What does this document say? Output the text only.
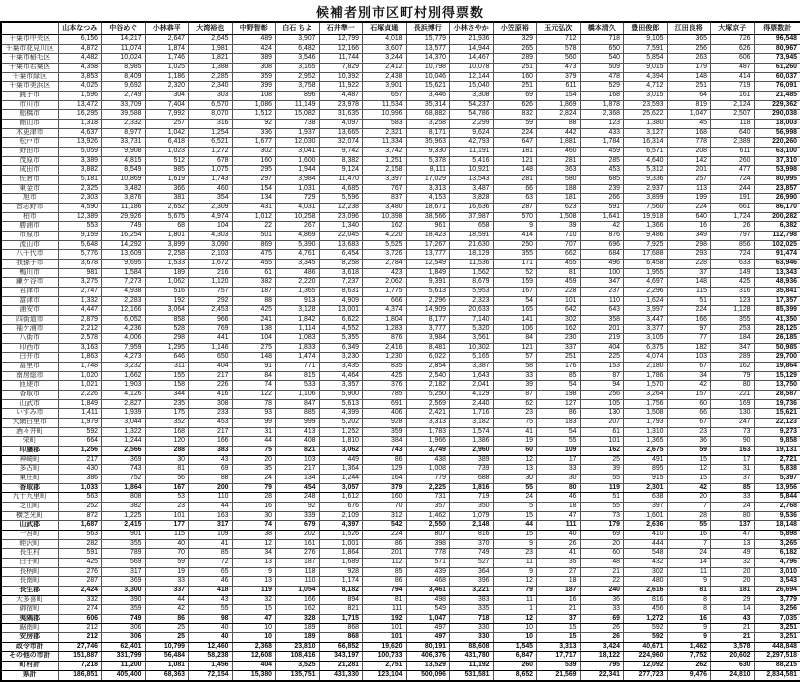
候補者別市区町村別得票数
	山本なつみ	中谷めぐ	小林恭平	大湾裕也	中野智彰	白石 ちよ	石井準一	石塚貞通	長浜博行	小林さやか	小笠原裕	玉元弘次	橋本清久	豊田俊郎	江田良将	大塚京子	得票数計
千葉市中央区	6,156	14,217	2,647	2,645	489	3,907	12,799	4,018	15,779	21,936	329	712	718	9,105	365	726	96,548
千葉市花見川区	4,872	11,074	1,874	1,981	424	6,482	12,166	3,607	13,577	14,944	265	578	650	7,591	256	626	80,967
千葉市稲毛区	4,482	10,024	1,746	1,821	389	3,546	11,744	3,244	14,370	14,467	289	560	540	5,854	263	606	73,945
千葉市若葉区	4,358	8,985	1,025	1,388	308	3,165	7,829	2,412	10,798	10,078	251	473	509	9,015	179	487	61,260
千葉市緑区	3,853	8,409	1,186	2,285	359	2,952	10,392	2,438	10,046	12,144	160	379	478	4,394	148	414	60,037
千葉市美浜区	4,025	9,692	2,320	2,340	399	3,758	11,922	3,901	15,621	15,040	251	611	529	4,712	251	719	76,091
銚子市	1,596	2,749	304	303	108	896	4,487	657	3,446	3,308	69	154	168	3,015	64	161	21,485
市川市	13,472	33,709	7,404	6,570	1,086	11,149	23,978	11,534	35,314	54,237	626	1,869	1,878	23,593	819	2,124	229,362
船橋市	16,295	39,588	7,992	8,070	1,512	15,082	31,635	10,996	68,882	54,786	832	2,824	2,368	25,622	1,047	2,507	290,038
館山市	1,318	2,332	257	316	92	738	4,097	583	3,258	2,299	59	88	123	1,380	45	118	18,003
木更津市	4,637	8,977	1,042	1,254	336	1,937	13,665	2,321	8,171	9,624	224	442	433	3,127	168	640	56,998
松戸市	13,926	33,731	6,418	6,521	1,677	12,030	32,074	11,334	35,963	42,793	647	1,881	1,784	16,314	778	2,389	220,260
野田市	5,059	9,908	1,023	1,272	302	3,041	9,742	3,742	9,330	11,191	181	460	459	6,571	208	611	63,100
茂原市	3,389	4,815	512	678	160	1,600	8,382	1,251	5,378	5,416	121	281	285	4,640	142	260	37,310
成田市	3,882	8,549	985	1,075	295	1,944	9,124	2,158	8,111	10,921	148	363	453	5,312	201	477	53,998
佐倉市	5,181	10,869	1,619	1,743	297	3,984	11,470	3,397	17,029	13,543	281	580	685	9,336	257	724	80,995
東金市	2,325	3,482	366	460	154	1,031	4,685	767	3,313	3,487	66	188	239	2,937	113	244	23,857
旭市	2,303	3,876	381	354	134	729	5,596	837	4,153	3,828	63	181	266	3,899	199	191	26,990
習志野市	4,590	11,186	2,652	2,309	431	4,031	12,238	3,480	18,671	16,636	287	623	591	7,560	224	661	86,170
柏市	12,389	29,926	5,675	4,974	1,012	10,258	23,096	10,398	38,566	37,987	570	1,508	1,641	19,918	640	1,724	200,282
勝浦市	553	749	68	104	22	267	1,340	162	961	658	9	39	42	1,366	16	26	6,382
市原市	9,159	16,254	1,801	4,303	501	4,869	22,045	4,220	18,423	18,591	414	710	876	9,486	349	797	112,798
流山市	5,648	14,292	3,899	3,090	869	5,390	13,683	5,525	17,267	21,630	250	707	696	7,925	298	856	102,025
八千代市	5,776	13,609	2,258	2,103	475	4,761	6,454	3,726	13,777	18,129	355	662	684	17,688	293	724	91,474
我孫子市	3,678	9,695	1,533	1,672	455	3,345	8,258	2,784	12,549	11,536	171	455	496	6,458	228	633	63,946
鴨川市	981	1,584	189	216	61	486	3,618	423	1,849	1,562	52	81	100	1,955	37	149	13,343
鎌ケ谷市	3,275	7,273	1,062	1,120	382	2,220	7,237	2,062	9,391	8,679	159	459	347	4,697	148	425	48,936
君津市	2,747	4,938	516	757	187	1,365	8,631	1,775	5,613	5,953	167	228	237	2,296	115	316	35,841
富津市	1,332	2,283	192	292	88	913	4,909	666	2,296	2,323	54	101	110	1,624	51	123	17,357
浦安市	4,447	12,166	3,064	2,453	425	3,128	13,001	4,374	14,909	20,633	165	642	643	3,997	224	1,128	85,399
四街道市	2,879	6,052	858	966	241	1,842	6,622	1,804	8,177	7,140	141	302	358	3,447	166	355	41,350
袖ケ浦市	2,212	4,236	528	769	138	1,114	4,552	1,283	3,777	5,320	106	162	201	3,377	97	253	28,125
八街市	2,578	4,006	298	441	104	1,083	5,355	876	3,984	3,561	84	230	219	3,105	77	184	26,185
印西市	3,163	7,959	1,295	1,146	275	1,833	6,349	2,416	8,481	10,302	121	337	404	6,375	182	347	50,985
白井市	1,863	4,273	646	650	148	1,474	3,230	1,230	6,022	5,165	57	251	225	4,074	103	289	29,700
富里市	1,748	3,232	311	404	91	771	3,435	835	2,854	3,387	58	176	153	2,180	67	162	19,864
南房総市	1,020	1,662	155	217	84	815	4,464	425	2,540	1,643	33	85	87	1,786	34	79	15,129
匝瑳市	1,021	1,903	158	226	74	533	3,357	376	2,182	2,041	39	54	94	1,570	42	80	13,750
香取市	2,226	4,126	344	416	122	1,106	5,900	785	5,250	4,129	87	198	256	3,264	157	221	28,587
山武市	1,849	2,827	235	308	78	847	5,613	691	2,569	2,440	62	127	105	1,756	60	169	19,736
いすみ市	1,411	1,939	175	233	93	885	4,399	406	2,421	1,716	23	86	130	1,508	66	130	15,621
大網白里市	1,979	3,044	352	453	99	999	5,202	928	3,313	3,182	75	183	207	1,793	67	247	22,123
酒々井町	592	1,322	168	217	31	413	1,252	359	1,783	1,574	41	54	61	1,310	23	73	9,273
栄町	664	1,244	120	166	44	408	1,810	384	1,966	1,386	19	55	101	1,365	36	90	9,858
印旛郡	1,256	2,566	288	383	75	821	3,062	743	3,749	2,960	60	109	162	2,675	59	163	19,131
神崎町	217	369	30	43	20	103	449	86	438	389	12	17	25	491	15	17	2,721
多古町	430	743	81	69	35	217	1,364	129	1,008	739	13	33	39	895	12	31	5,838
東庄町	386	752	56	88	24	134	1,244	164	779	688	30	30	55	915	15	37	5,397
香取郡	1,033	1,864	167	200	79	454	3,057	379	2,225	1,816	55	80	119	2,301	42	85	13,956
九十九里町	563	808	53	110	28	248	1,612	160	731	719	24	46	51	638	20	33	5,844
芝山町	252	382	23	44	16	92	676	70	357	350	5	18	55	397	7	24	2,768
横芝光町	872	1,225	101	163	30	339	2,109	312	1,462	1,079	15	47	73	1,601	28	80	9,536
山武郡	1,687	2,415	177	317	74	679	4,397	542	2,550	2,148	44	111	179	2,636	55	137	18,148
一宮町	563	901	115	109	38	202	1,526	224	807	816	15	40	69	410	16	47	5,898
睦沢町	282	355	40	41	12	161	1,001	86	398	370	9	26	20	444	7	13	3,265
長生村	591	789	70	85	34	276	1,864	201	778	749	23	41	60	548	24	49	6,182
白子町	425	569	59	72	13	187	1,689	112	571	527	11	35	48	432	14	32	4,796
長柄町	276	317	19	65	9	118	928	85	439	364	9	27	21	302	11	20	3,010
長南町	287	369	33	46	13	110	1,174	86	468	396	12	18	22	480	9	20	3,543
長生郡	2,424	3,300	337	418	119	1,054	8,182	794	3,461	3,221	79	187	240	2,616	81	181	26,694
大多喜町	332	390	44	43	32	166	894	81	498	383	11	16	36	816	8	29	3,779
御宿町	274	359	42	55	15	162	821	111	549	335	1	21	33	456	8	14	3,256
夷隅郡	606	749	86	98	47	328	1,715	192	1,047	718	12	37	69	1,272	16	43	7,035
鋸南町	212	306	25	40	10	189	868	101	497	330	10	15	26	592	9	21	3,251
安房郡	212	306	25	40	10	189	868	101	497	330	10	15	26	592	9	21	3,251
政令市計	27,746	62,401	10,799	12,460	2,368	23,810	66,852	19,620	80,191	88,608	1,545	3,313	3,424	40,671	1,462	3,578	448,848
その他の市計	151,887	331,799	56,484	58,238	12,608	108,416	343,197	100,733	406,376	431,780	6,847	17,717	18,122	224,960	7,752	20,602	2,297,518
町村計	7,218	11,200	1,081	1,456	404	3,525	21,281	2,751	13,529	11,192	260	539	795	12,092	262	630	88,215
県計	186,851	405,400	68,363	72,154	15,380	135,751	431,330	123,104	500,096	531,581	8,652	21,569	22,341	277,723	9,476	24,810	2,834,581
